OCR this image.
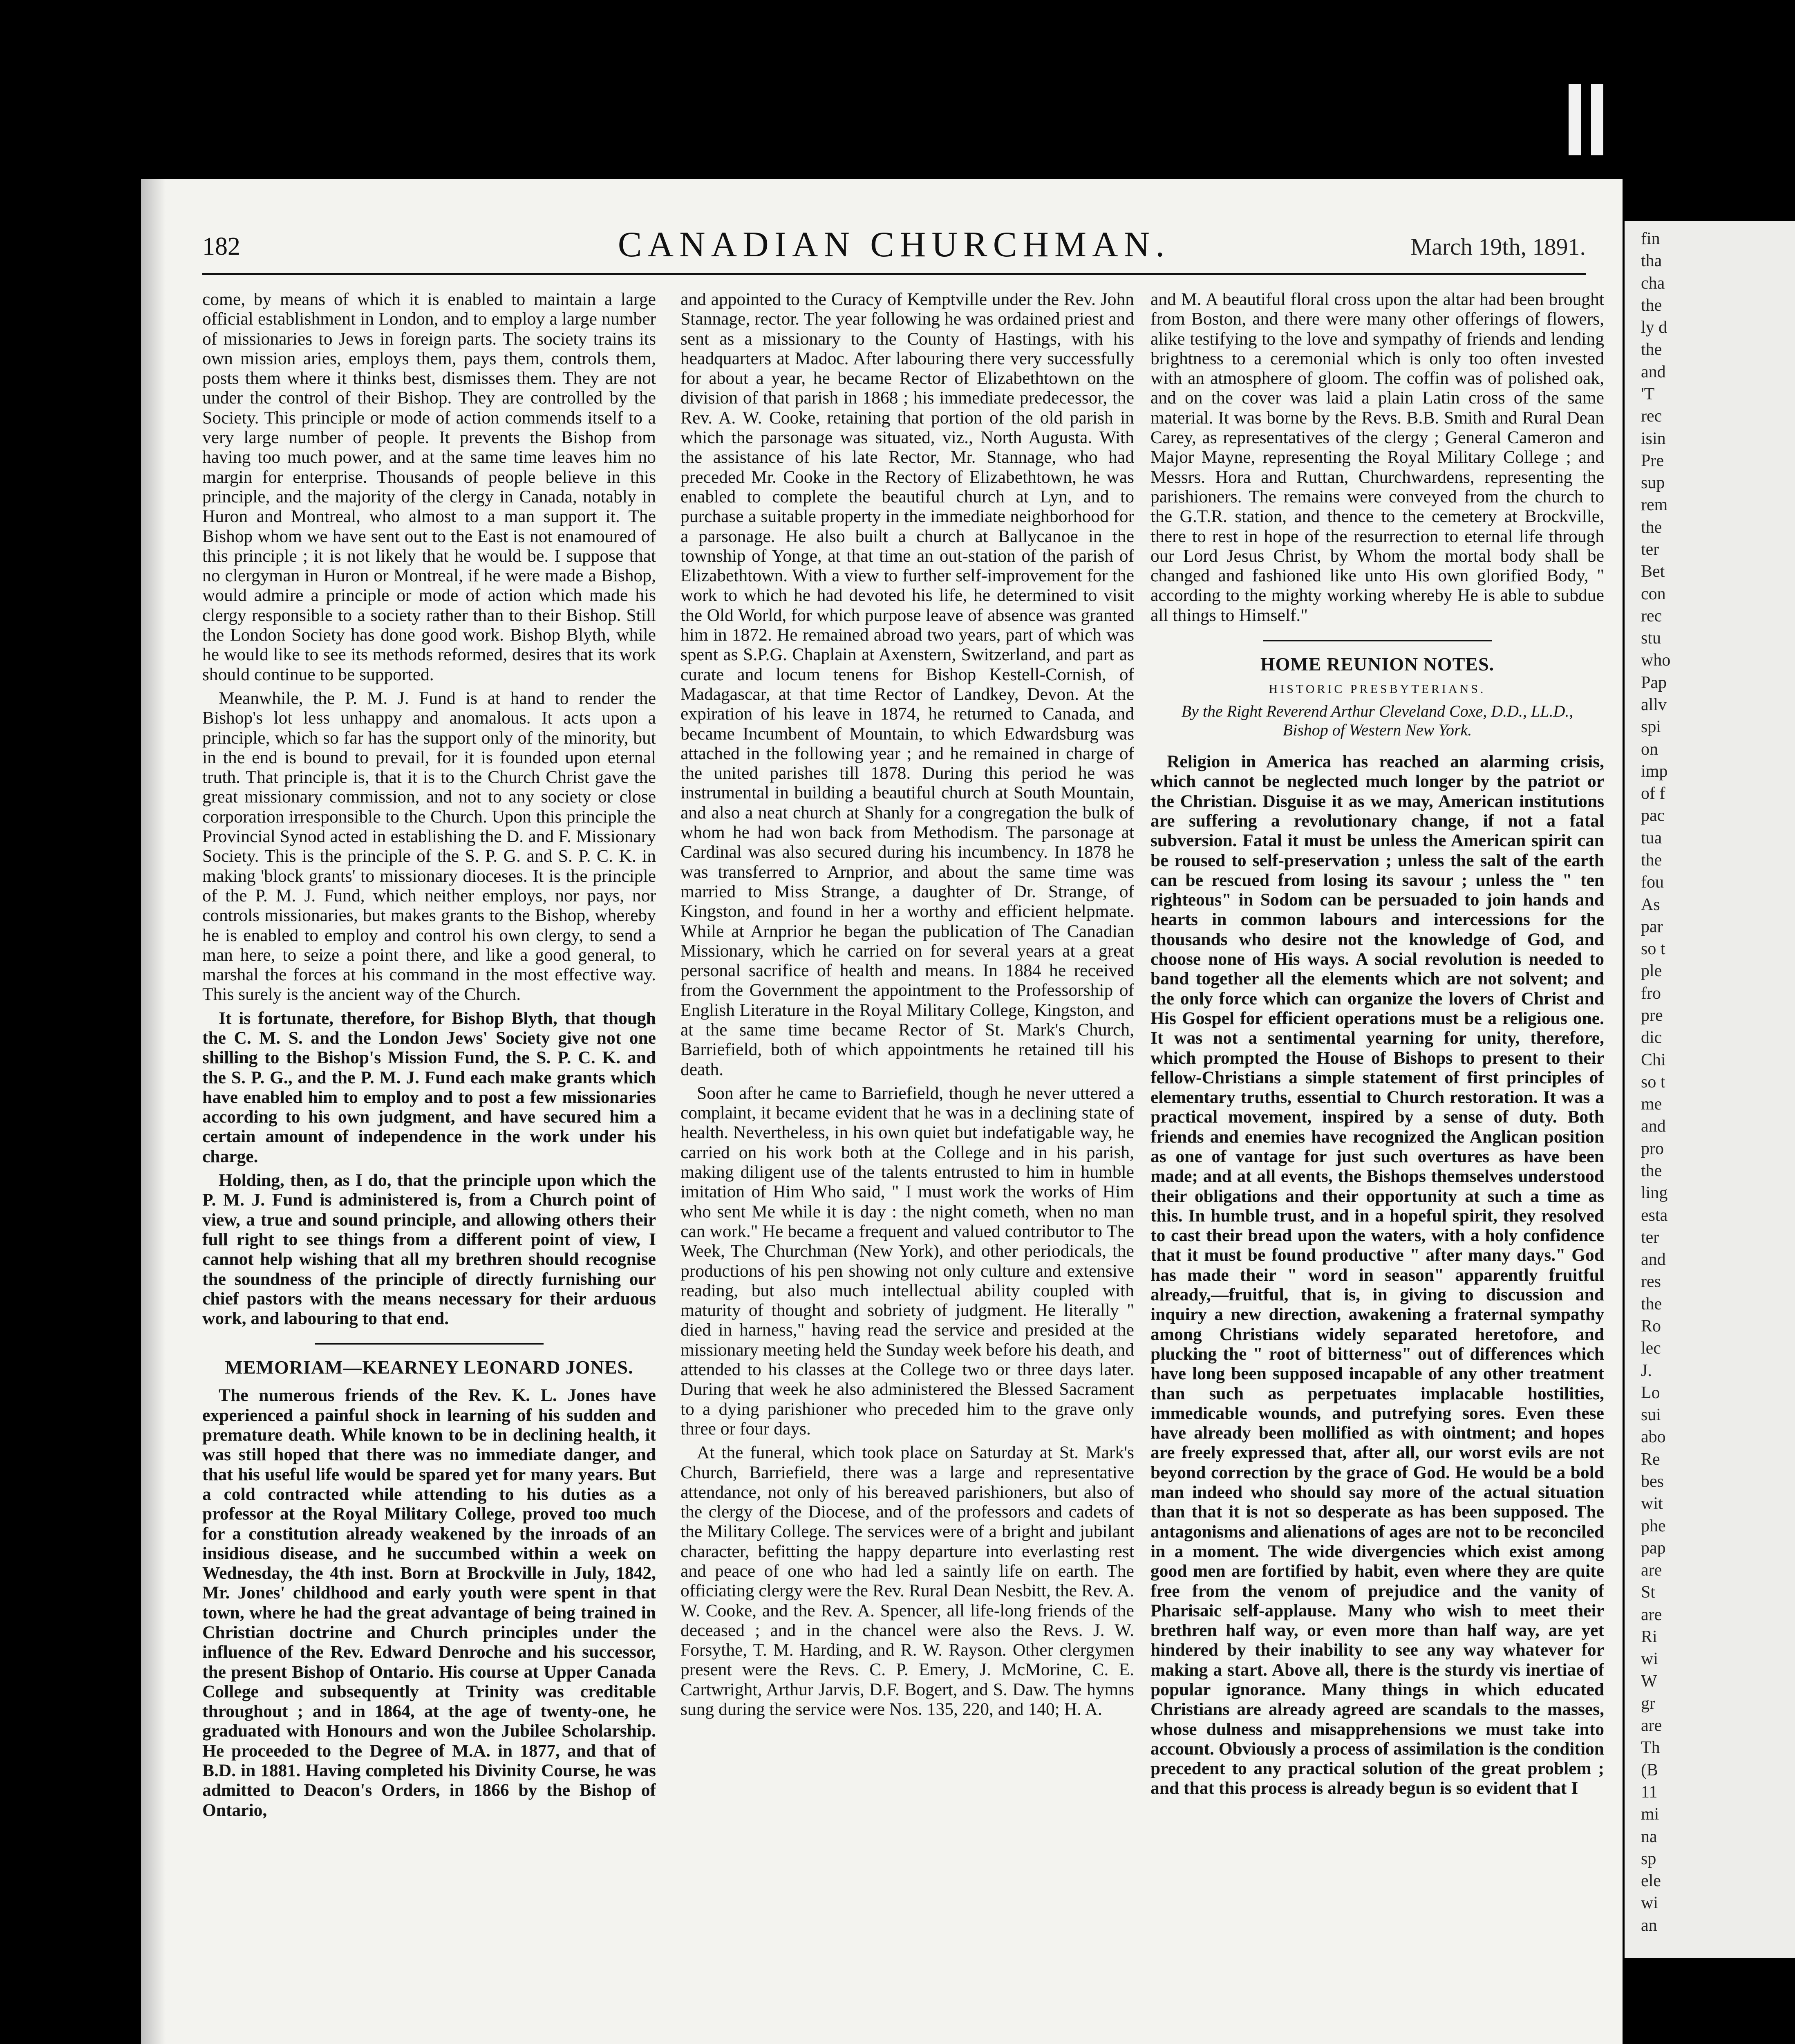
182	CANADIAN CHURCHMAN.	March 19th, 1891.

come, by means of which it is enabled to maintain a large official establishment in London, and to employ a large number of missionaries to Jews in foreign parts. The society trains its own mission aries, employs them, pays them, controls them, posts them where it thinks best, dismisses them. They are not under the control of their Bishop. They are controlled by the Society. This principle or mode of action commends itself to a very large number of people. It prevents the Bishop from having too much power, and at the same time leaves him no margin for enterprise. Thousands of people believe in this principle, and the majority of the clergy in Canada, notably in Huron and Montreal, who almost to a man support it. The Bishop whom we have sent out to the East is not enamoured of this principle ; it is not likely that he would be. I suppose that no clergyman in Huron or Montreal, if he were made a Bishop, would admire a principle or mode of action which made his clergy responsible to a society rather than to their Bishop. Still the London Society has done good work. Bishop Blyth, while he would like to see its methods reformed, desires that its work should continue to be supported.

Meanwhile, the P. M. J. Fund is at hand to render the Bishop's lot less unhappy and anomalous. It acts upon a principle, which so far has the support only of the minority, but in the end is bound to prevail, for it is founded upon eternal truth. That principle is, that it is to the Church Christ gave the great missionary commission, and not to any society or close corporation irresponsible to the Church. Upon this principle the Provincial Synod acted in establishing the D. and F. Missionary Society. This is the principle of the S. P. G. and S. P. C. K. in making 'block grants' to missionary dioceses. It is the principle of the P. M. J. Fund, which neither employs, nor pays, nor controls missionaries, but makes grants to the Bishop, whereby he is enabled to employ and control his own clergy, to send a man here, to seize a point there, and like a good general, to marshal the forces at his command in the most effective way. This surely is the ancient way of the Church.

It is fortunate, therefore, for Bishop Blyth, that though the C. M. S. and the London Jews' Society give not one shilling to the Bishop's Mission Fund, the S. P. C. K. and the S. P. G., and the P. M. J. Fund each make grants which have enabled him to employ and to post a few missionaries according to his own judgment, and have secured him a certain amount of independence in the work under his charge.

Holding, then, as I do, that the principle upon which the P. M. J. Fund is administered is, from a Church point of view, a true and sound principle, and allowing others their full right to see things from a different point of view, I cannot help wishing that all my brethren should recognise the soundness of the principle of directly furnishing our chief pastors with the means necessary for their arduous work, and labouring to that end.

MEMORIAM—KEARNEY LEONARD JONES.

The numerous friends of the Rev. K. L. Jones have experienced a painful shock in learning of his sudden and premature death. While known to be in declining health, it was still hoped that there was no immediate danger, and that his useful life would be spared yet for many years. But a cold contracted while attending to his duties as a professor at the Royal Military College, proved too much for a constitution already weakened by the inroads of an insidious disease, and he succumbed within a week on Wednesday, the 4th inst. Born at Brockville in July, 1842, Mr. Jones' childhood and early youth were spent in that town, where he had the great advantage of being trained in Christian doctrine and Church principles under the influence of the Rev. Edward Denroche and his successor, the present Bishop of Ontario. His course at Upper Canada College and subsequently at Trinity was creditable throughout ; and in 1864, at the age of twenty-one, he graduated with Honours and won the Jubilee Scholarship. He proceeded to the Degree of M.A. in 1877, and that of B.D. in 1881. Having completed his Divinity Course, he was admitted to Deacon's Orders, in 1866 by the Bishop of Ontario,

and appointed to the Curacy of Kemptville under the Rev. John Stannage, rector. The year following he was ordained priest and sent as a missionary to the County of Hastings, with his headquarters at Madoc. After labouring there very successfully for about a year, he became Rector of Elizabethtown on the division of that parish in 1868 ; his immediate predecessor, the Rev. A. W. Cooke, retaining that portion of the old parish in which the parsonage was situated, viz., North Augusta. With the assistance of his late Rector, Mr. Stannage, who had preceded Mr. Cooke in the Rectory of Elizabethtown, he was enabled to complete the beautiful church at Lyn, and to purchase a suitable property in the immediate neighborhood for a parsonage. He also built a church at Ballycanoe in the township of Yonge, at that time an out-station of the parish of Elizabethtown. With a view to further self-improvement for the work to which he had devoted his life, he determined to visit the Old World, for which purpose leave of absence was granted him in 1872. He remained abroad two years, part of which was spent as S.P.G. Chaplain at Axenstern, Switzerland, and part as curate and locum tenens for Bishop Kestell-Cornish, of Madagascar, at that time Rector of Landkey, Devon. At the expiration of his leave in 1874, he returned to Canada, and became Incumbent of Mountain, to which Edwardsburg was attached in the following year ; and he remained in charge of the united parishes till 1878. During this period he was instrumental in building a beautiful church at South Mountain, and also a neat church at Shanly for a congregation the bulk of whom he had won back from Methodism. The parsonage at Cardinal was also secured during his incumbency. In 1878 he was transferred to Arnprior, and about the same time was married to Miss Strange, a daughter of Dr. Strange, of Kingston, and found in her a worthy and efficient helpmate. While at Arnprior he began the publication of The Canadian Missionary, which he carried on for several years at a great personal sacrifice of health and means. In 1884 he received from the Government the appointment to the Professorship of English Literature in the Royal Military College, Kingston, and at the same time became Rector of St. Mark's Church, Barriefield, both of which appointments he retained till his death.

Soon after he came to Barriefield, though he never uttered a complaint, it became evident that he was in a declining state of health. Nevertheless, in his own quiet but indefatigable way, he carried on his work both at the College and in his parish, making diligent use of the talents entrusted to him in humble imitation of Him Who said, " I must work the works of Him who sent Me while it is day : the night cometh, when no man can work." He became a frequent and valued contributor to The Week, The Churchman (New York), and other periodicals, the productions of his pen showing not only culture and extensive reading, but also much intellectual ability coupled with maturity of thought and sobriety of judgment. He literally " died in harness," having read the service and presided at the missionary meeting held the Sunday week before his death, and attended to his classes at the College two or three days later. During that week he also administered the Blessed Sacrament to a dying parishioner who preceded him to the grave only three or four days.

At the funeral, which took place on Saturday at St. Mark's Church, Barriefield, there was a large and representative attendance, not only of his bereaved parishioners, but also of the clergy of the Diocese, and of the professors and cadets of the Military College. The services were of a bright and jubilant character, befitting the happy departure into everlasting rest and peace of one who had led a saintly life on earth. The officiating clergy were the Rev. Rural Dean Nesbitt, the Rev. A. W. Cooke, and the Rev. A. Spencer, all life-long friends of the deceased ; and in the chancel were also the Revs. J. W. Forsythe, T. M. Harding, and R. W. Rayson. Other clergymen present were the Revs. C. P. Emery, J. McMorine, C. E. Cartwright, Arthur Jarvis, D.F. Bogert, and S. Daw. The hymns sung during the service were Nos. 135, 220, and 140; H. A.

and M. A beautiful floral cross upon the altar had been brought from Boston, and there were many other offerings of flowers, alike testifying to the love and sympathy of friends and lending brightness to a ceremonial which is only too often invested with an atmosphere of gloom. The coffin was of polished oak, and on the cover was laid a plain Latin cross of the same material. It was borne by the Revs. B.B. Smith and Rural Dean Carey, as representatives of the clergy ; General Cameron and Major Mayne, representing the Royal Military College ; and Messrs. Hora and Ruttan, Churchwardens, representing the parishioners. The remains were conveyed from the church to the G.T.R. station, and thence to the cemetery at Brockville, there to rest in hope of the resurrection to eternal life through our Lord Jesus Christ, by Whom the mortal body shall be changed and fashioned like unto His own glorified Body, " according to the mighty working whereby He is able to subdue all things to Himself."

HOME REUNION NOTES.
HISTORIC PRESBYTERIANS.
By the Right Reverend Arthur Cleveland Coxe, D.D., LL.D., Bishop of Western New York.

Religion in America has reached an alarming crisis, which cannot be neglected much longer by the patriot or the Christian. Disguise it as we may, American institutions are suffering a revolutionary change, if not a fatal subversion. Fatal it must be unless the American spirit can be roused to self-preservation ; unless the salt of the earth can be rescued from losing its savour ; unless the " ten righteous" in Sodom can be persuaded to join hands and hearts in common labours and intercessions for the thousands who desire not the knowledge of God, and choose none of His ways. A social revolution is needed to band together all the elements which are not solvent; and the only force which can organize the lovers of Christ and His Gospel for efficient operations must be a religious one. It was not a sentimental yearning for unity, therefore, which prompted the House of Bishops to present to their fellow-Christians a simple statement of first principles of elementary truths, essential to Church restoration. It was a practical movement, inspired by a sense of duty. Both friends and enemies have recognized the Anglican position as one of vantage for just such overtures as have been made; and at all events, the Bishops themselves understood their obligations and their opportunity at such a time as this. In humble trust, and in a hopeful spirit, they resolved to cast their bread upon the waters, with a holy confidence that it must be found productive " after many days." God has made their " word in season" apparently fruitful already,—fruitful, that is, in giving to discussion and inquiry a new direction, awakening a fraternal sympathy among Christians widely separated heretofore, and plucking the " root of bitterness" out of differences which have long been supposed incapable of any other treatment than such as perpetuates implacable hostilities, immedicable wounds, and putrefying sores. Even these have already been mollified as with ointment; and hopes are freely expressed that, after all, our worst evils are not beyond correction by the grace of God. He would be a bold man indeed who should say more of the actual situation than that it is not so desperate as has been supposed. The antagonisms and alienations of ages are not to be reconciled in a moment. The wide divergencies which exist among good men are fortified by habit, even where they are quite free from the venom of prejudice and the vanity of Pharisaic self-applause. Many who wish to meet their brethren half way, or even more than half way, are yet hindered by their inability to see any way whatever for making a start. Above all, there is the sturdy vis inertiae of popular ignorance. Many things in which educated Christians are already agreed are scandals to the masses, whose dulness and misapprehensions we must take into account. Obviously a process of assimilation is the condition precedent to any practical solution of the great problem ; and that this process is already begun is so evident that I

fin
tha
cha
the
ly d
the
and
'T
rec
isin
Pre
sup
rem
the
ter
Bet
con
rec
stu
who
Pap
allv
spi
on
imp
of f
pac
tua
the
fou
As
par
so t
ple
fro
pre
dic
Chi
so t
me
and
pro
the
ling
esta
ter
and
res
the
Ro
lec
J.
Lo
sui
abo
Re
bes
wit
phe
pap
are
St
are
Ri
wi
W
gr
are
Th
(B
11
mi
na
sp
ele
wi
an
